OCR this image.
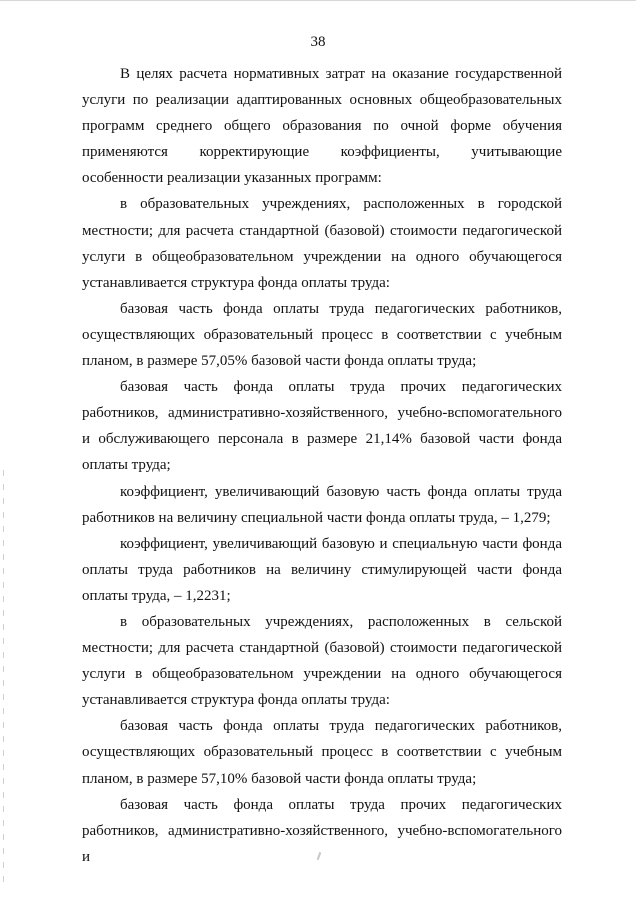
38

В целях расчета нормативных затрат на оказание государственной услуги по реализации адаптированных основных общеобразовательных программ среднего общего образования по очной форме обучения применяются корректирующие коэффициенты, учитывающие особенности реализации указанных программ:

в образовательных учреждениях, расположенных в городской местности; для расчета стандартной (базовой) стоимости педагогической услуги в общеобразовательном учреждении на одного обучающегося устанавливается структура фонда оплаты труда:

базовая часть фонда оплаты труда педагогических работников, осуществляющих образовательный процесс в соответствии с учебным планом, в размере 57,05% базовой части фонда оплаты труда;

базовая часть фонда оплаты труда прочих педагогических работников, административно-хозяйственного, учебно-вспомогательного и обслуживающего персонала в размере 21,14% базовой части фонда оплаты труда;

коэффициент, увеличивающий базовую часть фонда оплаты труда работников на величину специальной части фонда оплаты труда, – 1,279;

коэффициент, увеличивающий базовую и специальную части фонда оплаты труда работников на величину стимулирующей части фонда оплаты труда, – 1,2231;

в образовательных учреждениях, расположенных в сельской местности; для расчета стандартной (базовой) стоимости педагогической услуги в общеобразовательном учреждении на одного обучающегося устанавливается структура фонда оплаты труда:

базовая часть фонда оплаты труда педагогических работников, осуществляющих образовательный процесс в соответствии с учебным планом, в размере 57,10% базовой части фонда оплаты труда;

базовая часть фонда оплаты труда прочих педагогических работников, административно-хозяйственного, учебно-вспомогательного и
